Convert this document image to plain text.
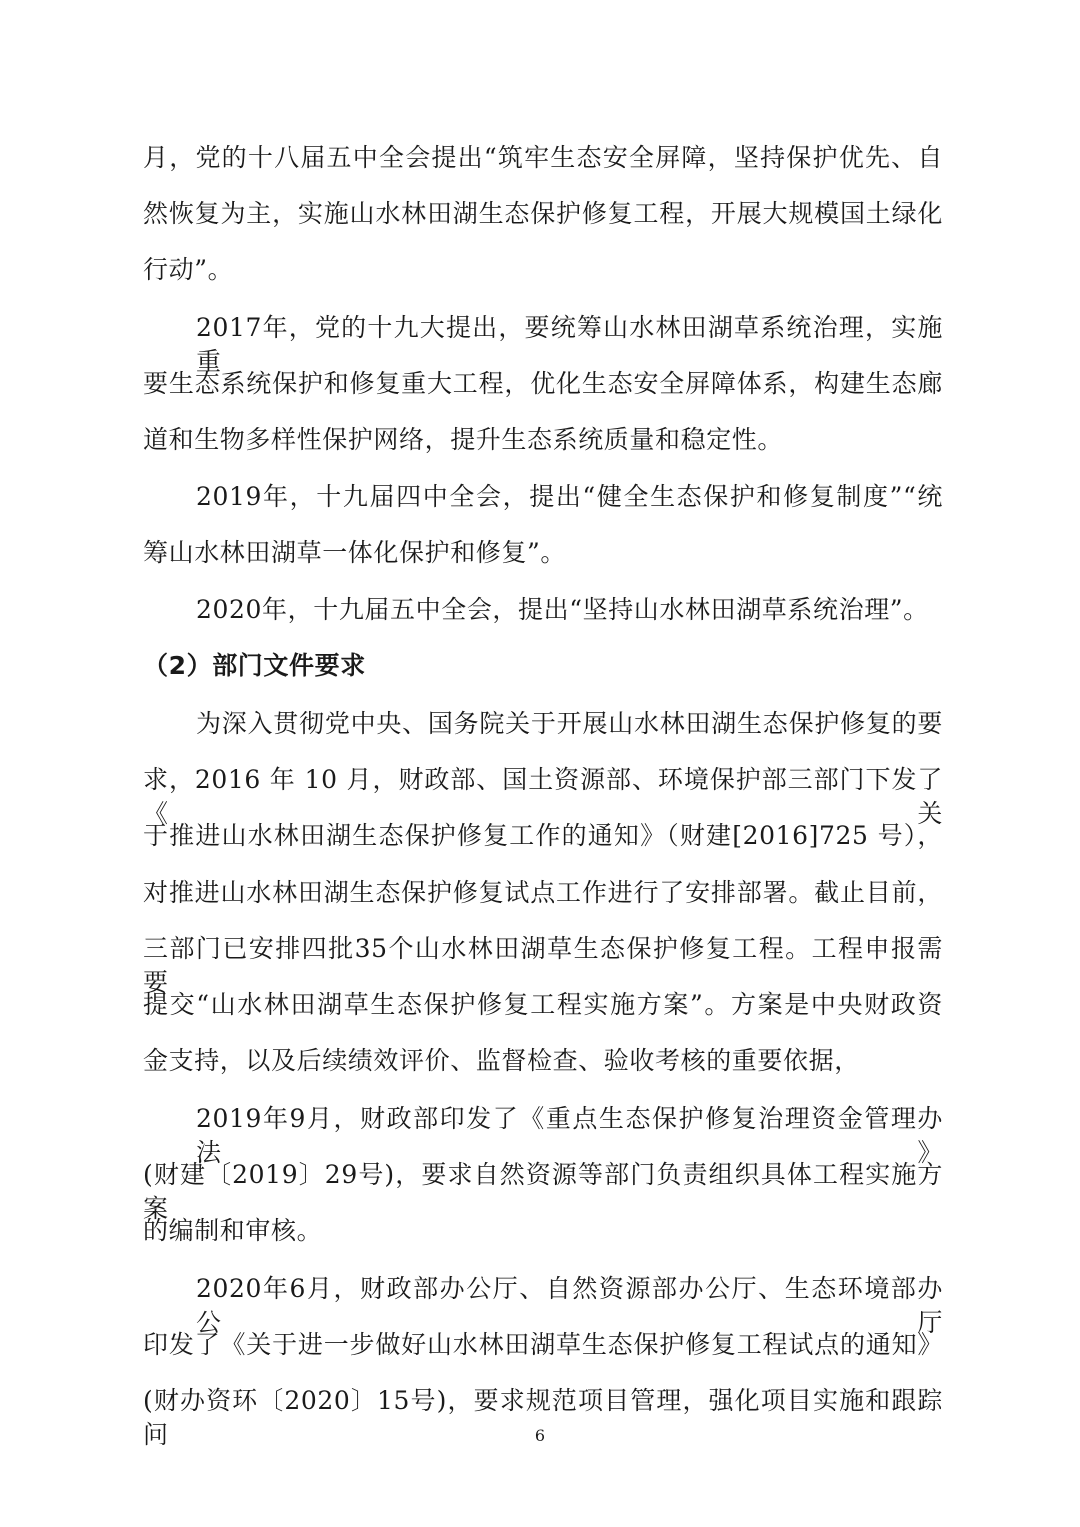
月，党的十八届五中全会提出“筑牢生态安全屏障，坚持保护优先、自
然恢复为主，实施山水林田湖生态保护修复工程，开展大规模国土绿化
行动”。
2017年，党的十九大提出，要统筹山水林田湖草系统治理，实施重
要生态系统保护和修复重大工程，优化生态安全屏障体系，构建生态廊
道和生物多样性保护网络，提升生态系统质量和稳定性。
2019年，十九届四中全会，提出“健全生态保护和修复制度”“统
筹山水林田湖草一体化保护和修复”。
2020年，十九届五中全会，提出“坚持山水林田湖草系统治理”。
（2）部门文件要求
为深入贯彻党中央、国务院关于开展山水林田湖生态保护修复的要
求，2016 年 10 月，财政部、国土资源部、环境保护部三部门下发了《关
于推进山水林田湖生态保护修复工作的通知》（财建[2016]725 号），
对推进山水林田湖生态保护修复试点工作进行了安排部署。截止目前，
三部门已安排四批35个山水林田湖草生态保护修复工程。工程申报需要
提交“山水林田湖草生态保护修复工程实施方案”。方案是中央财政资
金支持，以及后续绩效评价、监督检查、验收考核的重要依据，
2019年9月，财政部印发了《重点生态保护修复治理资金管理办法》
(财建〔2019〕29号)，要求自然资源等部门负责组织具体工程实施方案
的编制和审核。
2020年6月，财政部办公厅、自然资源部办公厅、生态环境部办公厅
印发了《关于进一步做好山水林田湖草生态保护修复工程试点的通知》
(财办资环〔2020〕15号)，要求规范项目管理，强化项目实施和跟踪问	6
